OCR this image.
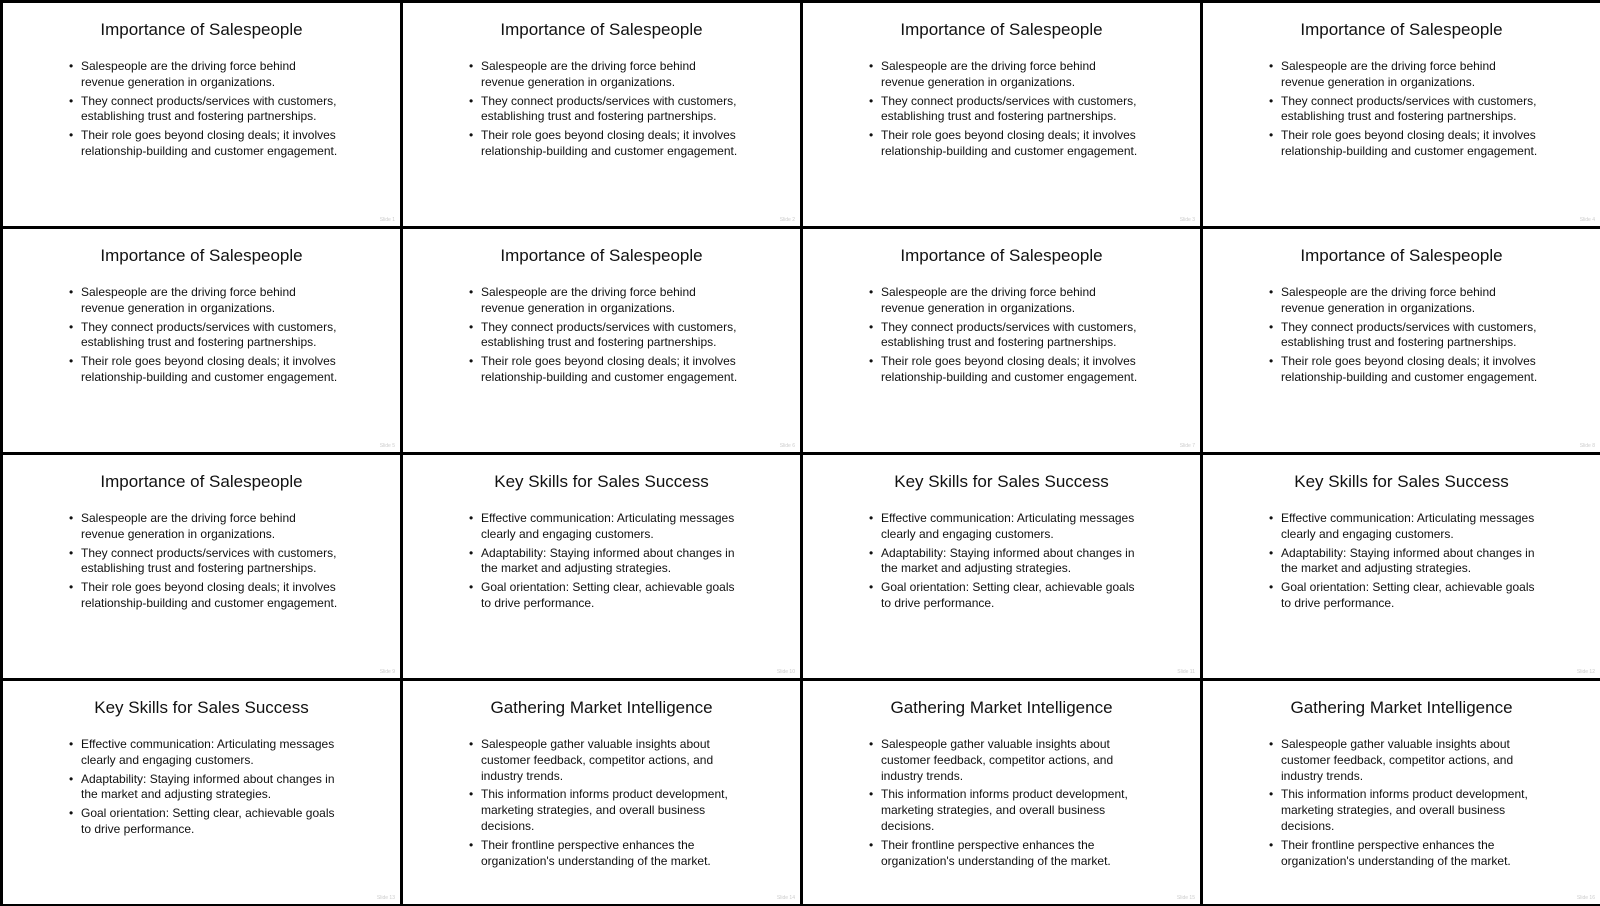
Importance of Salespeople
• Salespeople are the driving force behind revenue generation in organizations.
• They connect products/services with customers, establishing trust and fostering partnerships.
• Their role goes beyond closing deals; it involves relationship-building and customer engagement.
Slide 1
Importance of Salespeople
• Salespeople are the driving force behind revenue generation in organizations.
• They connect products/services with customers, establishing trust and fostering partnerships.
• Their role goes beyond closing deals; it involves relationship-building and customer engagement.
Slide 2
Importance of Salespeople
• Salespeople are the driving force behind revenue generation in organizations.
• They connect products/services with customers, establishing trust and fostering partnerships.
• Their role goes beyond closing deals; it involves relationship-building and customer engagement.
Slide 3
Importance of Salespeople
• Salespeople are the driving force behind revenue generation in organizations.
• They connect products/services with customers, establishing trust and fostering partnerships.
• Their role goes beyond closing deals; it involves relationship-building and customer engagement.
Slide 4
Importance of Salespeople
• Salespeople are the driving force behind revenue generation in organizations.
• They connect products/services with customers, establishing trust and fostering partnerships.
• Their role goes beyond closing deals; it involves relationship-building and customer engagement.
Slide 5
Importance of Salespeople
• Salespeople are the driving force behind revenue generation in organizations.
• They connect products/services with customers, establishing trust and fostering partnerships.
• Their role goes beyond closing deals; it involves relationship-building and customer engagement.
Slide 6
Importance of Salespeople
• Salespeople are the driving force behind revenue generation in organizations.
• They connect products/services with customers, establishing trust and fostering partnerships.
• Their role goes beyond closing deals; it involves relationship-building and customer engagement.
Slide 7
Importance of Salespeople
• Salespeople are the driving force behind revenue generation in organizations.
• They connect products/services with customers, establishing trust and fostering partnerships.
• Their role goes beyond closing deals; it involves relationship-building and customer engagement.
Slide 8
Importance of Salespeople
• Salespeople are the driving force behind revenue generation in organizations.
• They connect products/services with customers, establishing trust and fostering partnerships.
• Their role goes beyond closing deals; it involves relationship-building and customer engagement.
Slide 9
Key Skills for Sales Success
• Effective communication: Articulating messages clearly and engaging customers.
• Adaptability: Staying informed about changes in the market and adjusting strategies.
• Goal orientation: Setting clear, achievable goals to drive performance.
Slide 10
Key Skills for Sales Success
• Effective communication: Articulating messages clearly and engaging customers.
• Adaptability: Staying informed about changes in the market and adjusting strategies.
• Goal orientation: Setting clear, achievable goals to drive performance.
Slide 11
Key Skills for Sales Success
• Effective communication: Articulating messages clearly and engaging customers.
• Adaptability: Staying informed about changes in the market and adjusting strategies.
• Goal orientation: Setting clear, achievable goals to drive performance.
Slide 12
Key Skills for Sales Success
• Effective communication: Articulating messages clearly and engaging customers.
• Adaptability: Staying informed about changes in the market and adjusting strategies.
• Goal orientation: Setting clear, achievable goals to drive performance.
Slide 13
Gathering Market Intelligence
• Salespeople gather valuable insights about customer feedback, competitor actions, and industry trends.
• This information informs product development, marketing strategies, and overall business decisions.
• Their frontline perspective enhances the organization's understanding of the market.
Slide 14
Gathering Market Intelligence
• Salespeople gather valuable insights about customer feedback, competitor actions, and industry trends.
• This information informs product development, marketing strategies, and overall business decisions.
• Their frontline perspective enhances the organization's understanding of the market.
Slide 15
Gathering Market Intelligence
• Salespeople gather valuable insights about customer feedback, competitor actions, and industry trends.
• This information informs product development, marketing strategies, and overall business decisions.
• Their frontline perspective enhances the organization's understanding of the market.
Slide 16
